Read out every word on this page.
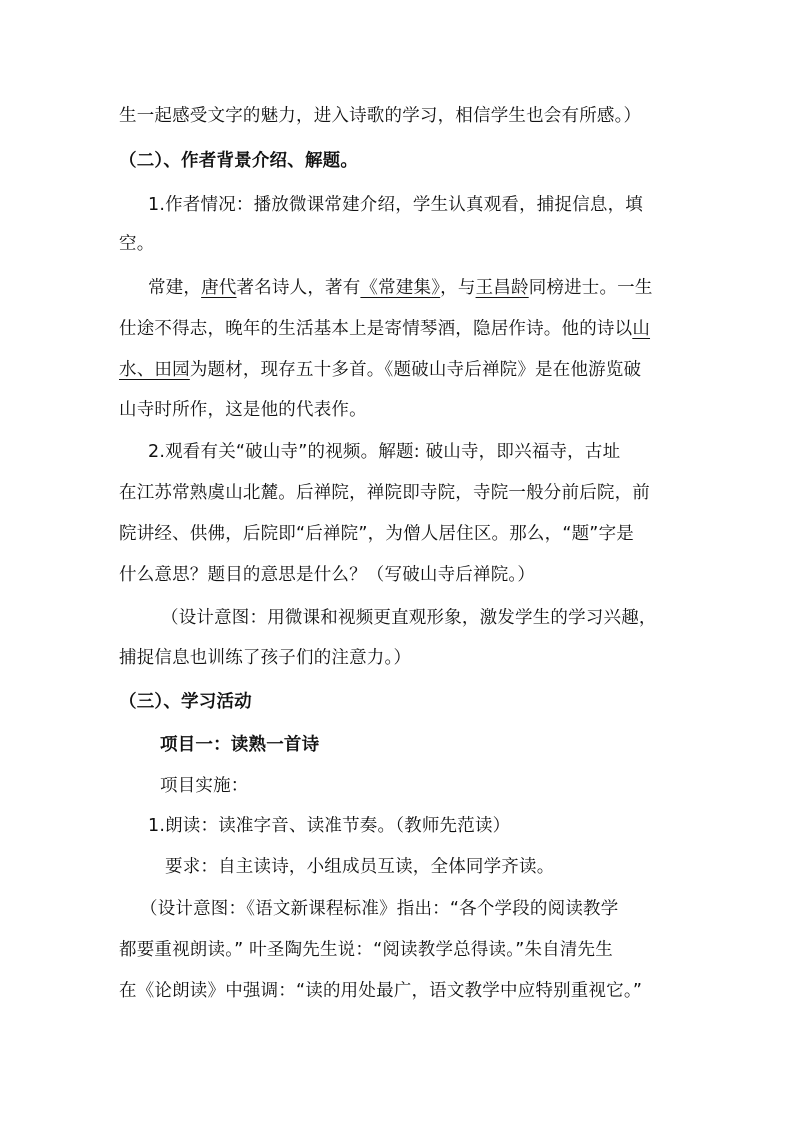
生一起感受文字的魅力，进入诗歌的学习，相信学生也会有所感。）
（二）、作者背景介绍、解题。
1.作者情况：播放微课常建介绍，学生认真观看，捕捉信息，填
空。
常建，唐代著名诗人，著有《常建集》，与王昌龄同榜进士。一生
仕途不得志，晚年的生活基本上是寄情琴酒，隐居作诗。他的诗以山
水、田园为题材，现存五十多首。《题破山寺后禅院》是在他游览破
山寺时所作，这是他的代表作。
2.观看有关“破山寺”的视频。解题: 破山寺，即兴福寺，古址
在江苏常熟虞山北麓。后禅院，禅院即寺院，寺院一般分前后院，前
院讲经、供佛，后院即“后禅院”，为僧人居住区。那么，“题”字是
什么意思？题目的意思是什么？（写破山寺后禅院。）
（设计意图：用微课和视频更直观形象，激发学生的学习兴趣，
捕捉信息也训练了孩子们的注意力。）
（三）、学习活动
项目一：读熟一首诗
项目实施：
1.朗读：读准字音、读准节奏。（教师先范读）
要求：自主读诗，小组成员互读，全体同学齐读。
（设计意图：《语文新课程标准》指出：“各个学段的阅读教学
都要重视朗读。” 叶圣陶先生说：“阅读教学总得读。”朱自清先生
在《论朗读》中强调：“读的用处最广，语文教学中应特别重视它。”
